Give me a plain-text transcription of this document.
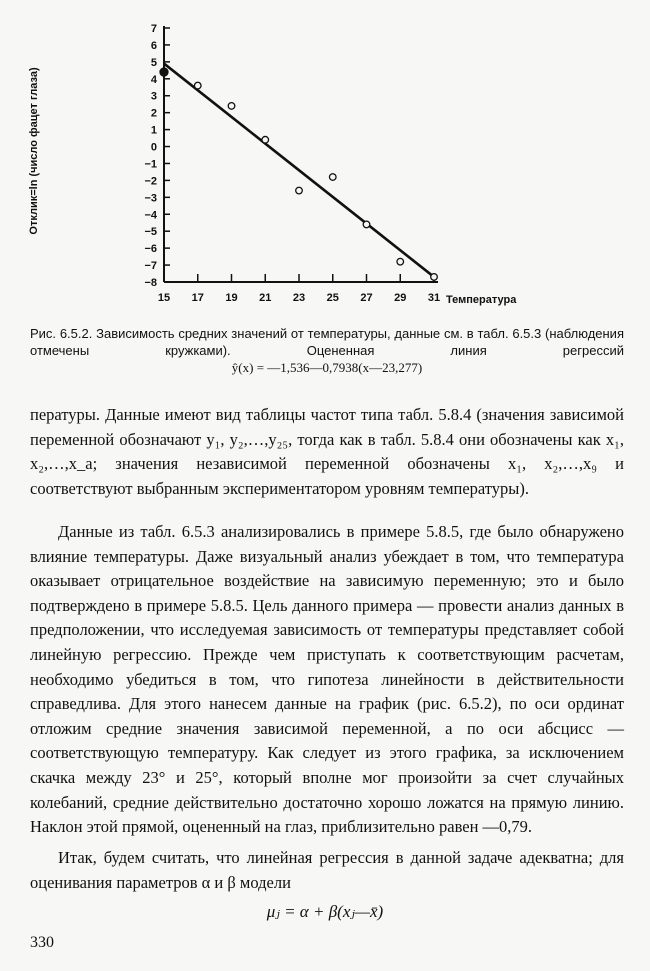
7
6
5
4
3
2
1
0
−1
−2
−3
−4
−5
−6
−7
−8
15 17 19 21 23 25 27 29 31 Температура
Отклик=ln (число фацет глаза)
Рис. 6.5.2. Зависимость средних значений от температуры, данные см. в табл. 6.5.3 (наблюдения отмечены кружками). Оцененная линия регрессий
ŷ(x) = —1,536—0,7938(x—23,277)
пературы. Данные имеют вид таблицы частот типа табл. 5.8.4 (значения зависимой переменной обозначают y₁, y₂,…,y₂₅, тогда как в табл. 5.8.4 они обозначены как x₁, x₂,…,x_a; значения независимой переменной обозначены x₁, x₂,…,x₉ и соответствуют выбранным экспериментатором уровням температуры).
Данные из табл. 6.5.3 анализировались в примере 5.8.5, где было обнаружено влияние температуры. Даже визуальный анализ убеждает в том, что температура оказывает отрицательное воздействие на зависимую переменную; это и было подтверждено в примере 5.8.5. Цель данного примера — провести анализ данных в предположении, что исследуемая зависимость от температуры представляет собой линейную регрессию. Прежде чем приступать к соответствующим расчетам, необходимо убедиться в том, что гипотеза линейности в действительности справедлива. Для этого нанесем данные на график (рис. 6.5.2), по оси ординат отложим средние значения зависимой переменной, а по оси абсцисс — соответствующую температуру. Как следует из этого графика, за исключением скачка между 23° и 25°, который вполне мог произойти за счет случайных колебаний, средние действительно достаточно хорошо ложатся на прямую линию. Наклон этой прямой, оцененный на глаз, приблизительно равен —0,79.
Итак, будем считать, что линейная регрессия в данной задаче адекватна; для оценивания параметров α и β модели
μⱼ = α + β(xⱼ—x̄)
330
